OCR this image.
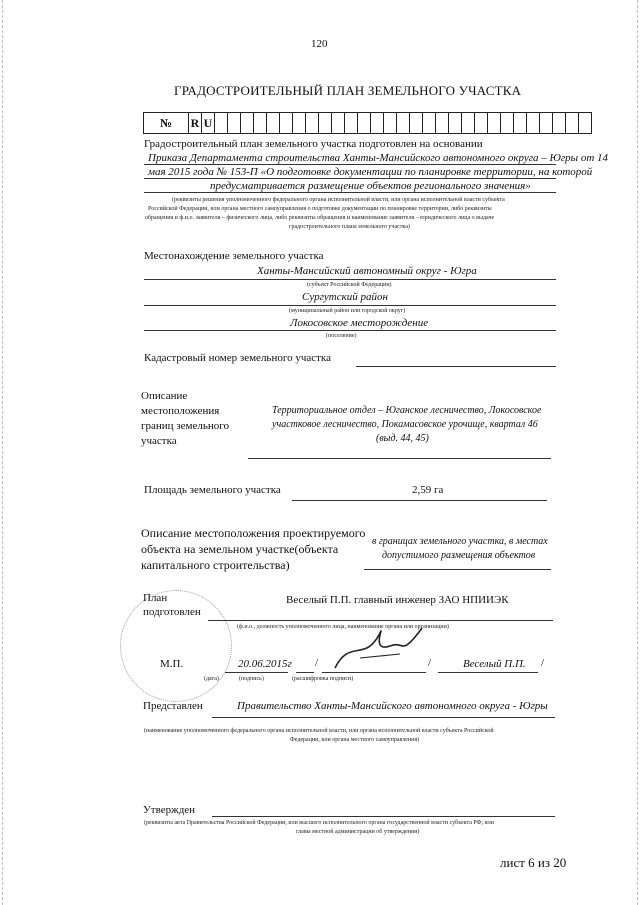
120
ГРАДОСТРОИТЕЛЬНЫЙ ПЛАН ЗЕМЕЛЬНОГО УЧАСТКА
№	R	U																													
Градостроительный план земельного участка подготовлен на основании
Приказа Департамента строительства Ханты-Мансийского автономного округа – Югры от 14
мая 2015 года № 153-П «О подготовке документации по планировке территории, на которой
предусматривается размещение объектов регионального значения»
(реквизиты решения уполномоченного федерального органа исполнительной власти, или органа исполнительной власти субъекта
Российской Федерации, или органа местного самоуправления о подготовке документации по планировке территории, либо реквизиты
обращения и ф.и.о. заявителя – физического лица, либо реквизиты обращения и наименование заявителя – юридического лица о выдаче
градостроительного плана земельного участка)
Местонахождение земельного участка
Ханты-Мансийский автономный округ - Югра
(субъект Российской Федерации)
Сургутский район
(муниципальный район или городской округ)
Локосовское месторождение
(поселение)
Кадастровый номер земельного участка
Описание
местоположения
границ земельного
участка
Территориальное отдел – Юганское лесничество, Локосовское
участковое лесничество, Покамасовское урочище, квартал 46
(выд. 44, 45)
Площадь земельного участка	2,59 га
Описание местоположения проектируемого
объекта на земельном участке(объекта
капитального строительства)
в границах земельного участка, в местах
допустимого размещения объектов
План
подготовлен
Веселый П.П. главный инженер ЗАО НПИИЭК
(ф.и.о., должность уполномоченного лица, наименование органа или организации)
М.П.	20.06.2015г /	/	Веселый П.П. /
(дата)	(подпись)	(расшифровка подписи)
Представлен	Правительство Ханты-Мансийского автономного округа - Югры
(наименование уполномоченного федерального органа исполнительной власти, или органа исполнительной власти субъекта Российской
Федерации, или органа местного самоуправления)
Утвержден
(реквизиты акта Правительства Российской Федерации, или высшего исполнительного органа государственной власти субъекта РФ; или
главы местной администрации об утверждении)
лист 6 из 20
